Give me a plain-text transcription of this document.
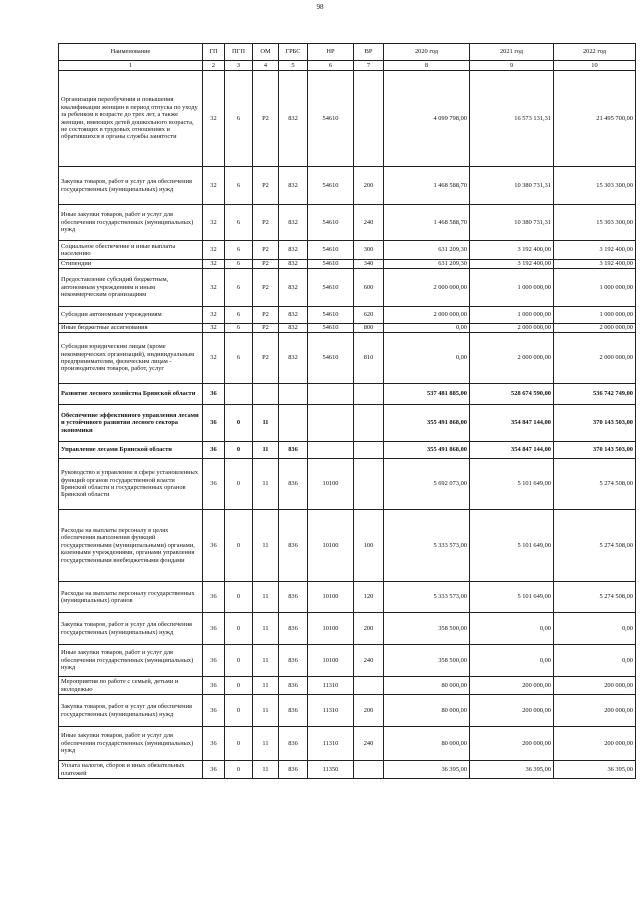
98
Наименование	ГП	ПГП	ОМ	ГРБС	НР	ВР	2020 год	2021 год	2022 год
1	2	3	4	5	6	7	8	9	10
Организация переобучения и повышения квалификации женщин в период отпуска по уходу за ребенком в возрасте до трех лет, а также женщин, имеющих детей дошкольного возраста, не состоящих в трудовых отношениях и обратившихся в органы службы занятости	32	6	P2	832	54610		4 099 798,00	16 573 131,31	21 495 700,00
Закупка товаров, работ и услуг для обеспечения государственных (муниципальных) нужд	32	6	P2	832	54610	200	1 468 588,70	10 380 731,31	15 303 300,00
Иные закупки товаров, работ и услуг для обеспечения государственных (муниципальных) нужд	32	6	P2	832	54610	240	1 468 588,70	10 380 731,31	15 303 300,00
Социальное обеспечение и иные выплаты населению	32	6	P2	832	54610	300	631 209,30	3 192 400,00	3 192 400,00
Стипендии	32	6	P2	832	54610	340	631 209,30	3 192 400,00	3 192 400,00
Предоставление субсидий бюджетным, автономным учреждениям и иным некоммерческим организациям	32	6	P2	832	54610	600	2 000 000,00	1 000 000,00	1 000 000,00
Субсидии автономным учреждениям	32	6	P2	832	54610	620	2 000 000,00	1 000 000,00	1 000 000,00
Иные бюджетные ассигнования	32	6	P2	832	54610	800	0,00	2 000 000,00	2 000 000,00
Субсидии юридическим лицам (кроме некоммерческих организаций), индивидуальным предпринимателям, физическим лицам - производителям товаров, работ, услуг	32	6	P2	832	54610	810	0,00	2 000 000,00	2 000 000,00
Развитие лесного хозяйства Брянской области	36						537 481 885,00	528 674 590,00	536 742 749,00
Обеспечение эффективного управления лесами и устойчивого развития лесного сектора экономики	36	0	11				355 491 868,00	354 847 144,00	370 143 503,00
Управление лесами Брянской области	36	0	11	836			355 491 868,00	354 847 144,00	370 143 503,00
Руководство и управление в сфере установленных функций органов государственной власти Брянской области и государственных органов Брянской области	36	0	11	836	10100		5 692 073,00	5 101 649,00	5 274 508,00
Расходы на выплаты персоналу в целях обеспечения выполнения функций государственными (муниципальными) органами, казенными учреждениями, органами управления государственными внебюджетными фондами	36	0	11	836	10100	100	5 333 573,00	5 101 649,00	5 274 508,00
Расходы на выплаты персоналу государственных (муниципальных) органов	36	0	11	836	10100	120	5 333 573,00	5 101 649,00	5 274 508,00
Закупка товаров, работ и услуг для обеспечения государственных (муниципальных) нужд	36	0	11	836	10100	200	358 500,00	0,00	0,00
Иные закупки товаров, работ и услуг для обеспечения государственных (муниципальных) нужд	36	0	11	836	10100	240	358 500,00	0,00	0,00
Мероприятия по работе с семьей, детьми и молодежью	36	0	11	836	11310		80 000,00	200 000,00	200 000,00
Закупка товаров, работ и услуг для обеспечения государственных (муниципальных) нужд	36	0	11	836	11310	200	80 000,00	200 000,00	200 000,00
Иные закупки товаров, работ и услуг для обеспечения государственных (муниципальных) нужд	36	0	11	836	11310	240	80 000,00	200 000,00	200 000,00
Уплата налогов, сборов и иных обязательных платежей	36	0	11	836	11350		36 395,00	36 395,00	36 395,00
